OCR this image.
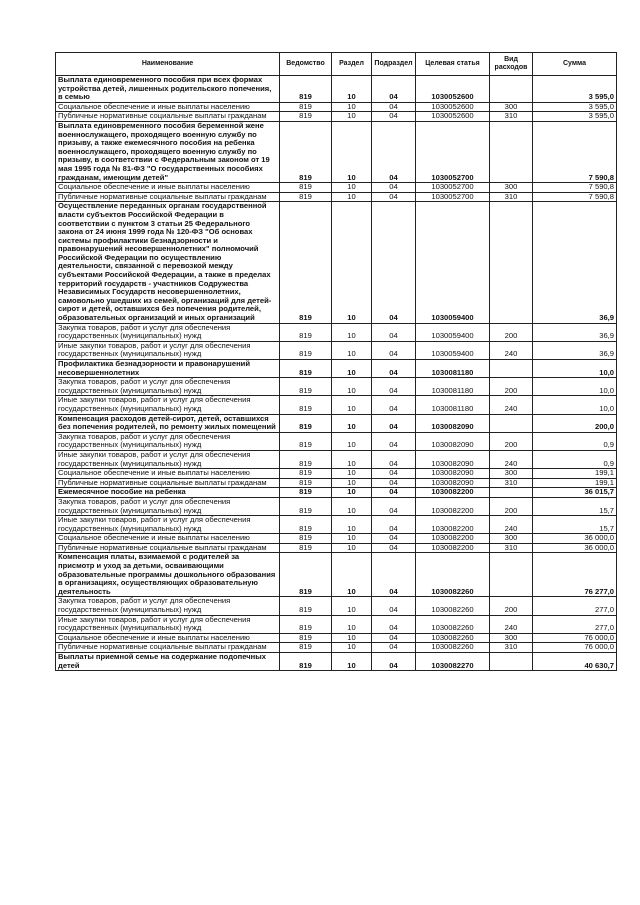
Наименование	Ведомство	Раздел	Подраздел	Целевая статья	Вид расходов	Сумма
Выплата единовременного пособия при всех формах устройства детей, лишенных родительского попечения, в семью	819	10	04	1030052600		3 595,0
Социальное обеспечение и иные выплаты населению	819	10	04	1030052600	300	3 595,0
Публичные нормативные социальные выплаты гражданам	819	10	04	1030052600	310	3 595,0
Выплата единовременного пособия беременной жене военнослужащего, проходящего военную службу по призыву, а также ежемесячного пособия на ребенка военнослужащего, проходящего военную службу по призыву, в соответствии с Федеральным законом от 19 мая 1995 года № 81-ФЗ "О государственных пособиях гражданам, имеющим детей"	819	10	04	1030052700		7 590,8
Социальное обеспечение и иные выплаты населению	819	10	04	1030052700	300	7 590,8
Публичные нормативные социальные выплаты гражданам	819	10	04	1030052700	310	7 590,8
Осуществление переданных органам государственной власти субъектов Российской Федерации в соответствии с пунктом 3 статьи 25 Федерального закона от 24 июня 1999 года № 120-ФЗ "Об основах системы профилактики безнадзорности и правонарушений несовершеннолетних" полномочий Российской Федерации по осуществлению деятельности, связанной с перевозкой между субъектами Российской Федерации, а также в пределах территорий государств - участников Содружества Независимых Государств несовершеннолетних, самовольно ушедших из семей, организаций для детей- сирот и детей, оставшихся без попечения родителей, образовательных организаций и иных организаций	819	10	04	1030059400		36,9
Закупка товаров, работ и услуг для обеспечения государственных (муниципальных) нужд	819	10	04	1030059400	200	36,9
Иные закупки товаров, работ и услуг для обеспечения государственных (муниципальных) нужд	819	10	04	1030059400	240	36,9
Профилактика безнадзорности и правонарушений несовершеннолетних	819	10	04	1030081180		10,0
Закупка товаров, работ и услуг для обеспечения государственных (муниципальных) нужд	819	10	04	1030081180	200	10,0
Иные закупки товаров, работ и услуг для обеспечения государственных (муниципальных) нужд	819	10	04	1030081180	240	10,0
Компенсация расходов детей-сирот, детей, оставшихся без попечения родителей, по ремонту жилых помещений	819	10	04	1030082090		200,0
Закупка товаров, работ и услуг для обеспечения государственных (муниципальных) нужд	819	10	04	1030082090	200	0,9
Иные закупки товаров, работ и услуг для обеспечения государственных (муниципальных) нужд	819	10	04	1030082090	240	0,9
Социальное обеспечение и иные выплаты населению	819	10	04	1030082090	300	199,1
Публичные нормативные социальные выплаты гражданам	819	10	04	1030082090	310	199,1
Ежемесячное пособие на ребенка	819	10	04	1030082200		36 015,7
Закупка товаров, работ и услуг для обеспечения государственных (муниципальных) нужд	819	10	04	1030082200	200	15,7
Иные закупки товаров, работ и услуг для обеспечения государственных (муниципальных) нужд	819	10	04	1030082200	240	15,7
Социальное обеспечение и иные выплаты населению	819	10	04	1030082200	300	36 000,0
Публичные нормативные социальные выплаты гражданам	819	10	04	1030082200	310	36 000,0
Компенсация платы, взимаемой с родителей за присмотр и уход за детьми, осваивающими образовательные программы дошкольного образования в организациях, осуществляющих образовательную деятельность	819	10	04	1030082260		76 277,0
Закупка товаров, работ и услуг для обеспечения государственных (муниципальных) нужд	819	10	04	1030082260	200	277,0
Иные закупки товаров, работ и услуг для обеспечения государственных (муниципальных) нужд	819	10	04	1030082260	240	277,0
Социальное обеспечение и иные выплаты населению	819	10	04	1030082260	300	76 000,0
Публичные нормативные социальные выплаты гражданам	819	10	04	1030082260	310	76 000,0
Выплаты приемной семье на содержание подопечных детей	819	10	04	1030082270		40 630,7
